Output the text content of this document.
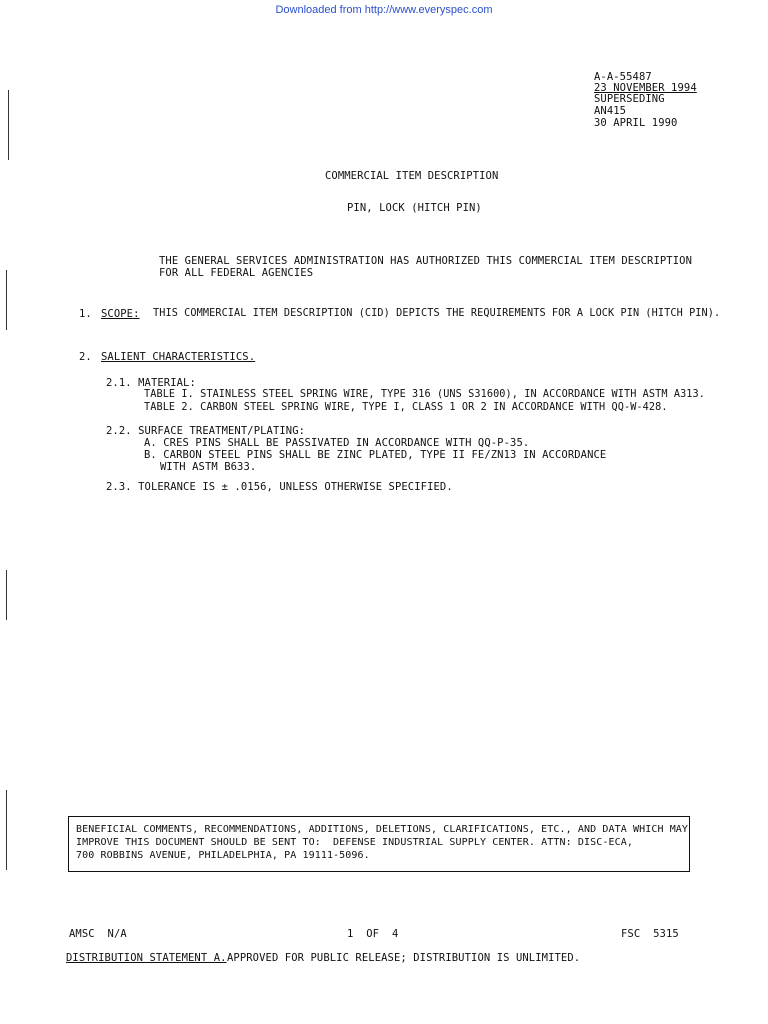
Downloaded from http://www.everyspec.com
A-A-55487
23 NOVEMBER 1994
SUPERSEDING
AN415
30 APRIL 1990
COMMERCIAL ITEM DESCRIPTION
PIN, LOCK (HITCH PIN)
THE GENERAL SERVICES ADMINISTRATION HAS AUTHORIZED THIS COMMERCIAL ITEM DESCRIPTION
FOR ALL FEDERAL AGENCIES
1. SCOPE: THIS COMMERCIAL ITEM DESCRIPTION (CID) DEPICTS THE REQUIREMENTS FOR A LOCK PIN (HITCH PIN).
2. SALIENT CHARACTERISTICS.
2.1. MATERIAL:
TABLE I. STAINLESS STEEL SPRING WIRE, TYPE 316 (UNS S31600), IN ACCORDANCE WITH ASTM A313.
TABLE 2. CARBON STEEL SPRING WIRE, TYPE I, CLASS 1 OR 2 IN ACCORDANCE WITH QQ-W-428.
2.2. SURFACE TREATMENT/PLATING:
A. CRES PINS SHALL BE PASSIVATED IN ACCORDANCE WITH QQ-P-35.
B. CARBON STEEL PINS SHALL BE ZINC PLATED, TYPE II FE/ZN13 IN ACCORDANCE
WITH ASTM B633.
2.3. TOLERANCE IS ± .0156, UNLESS OTHERWISE SPECIFIED.
BENEFICIAL COMMENTS, RECOMMENDATIONS, ADDITIONS, DELETIONS, CLARIFICATIONS, ETC., AND DATA WHICH MAY
IMPROVE THIS DOCUMENT SHOULD BE SENT TO:  DEFENSE INDUSTRIAL SUPPLY CENTER. ATTN: DISC-ECA,
700 ROBBINS AVENUE, PHILADELPHIA, PA 19111-5096.
AMSC  N/A	1  OF  4	FSC  5315
DISTRIBUTION STATEMENT A. APPROVED FOR PUBLIC RELEASE; DISTRIBUTION IS UNLIMITED.
